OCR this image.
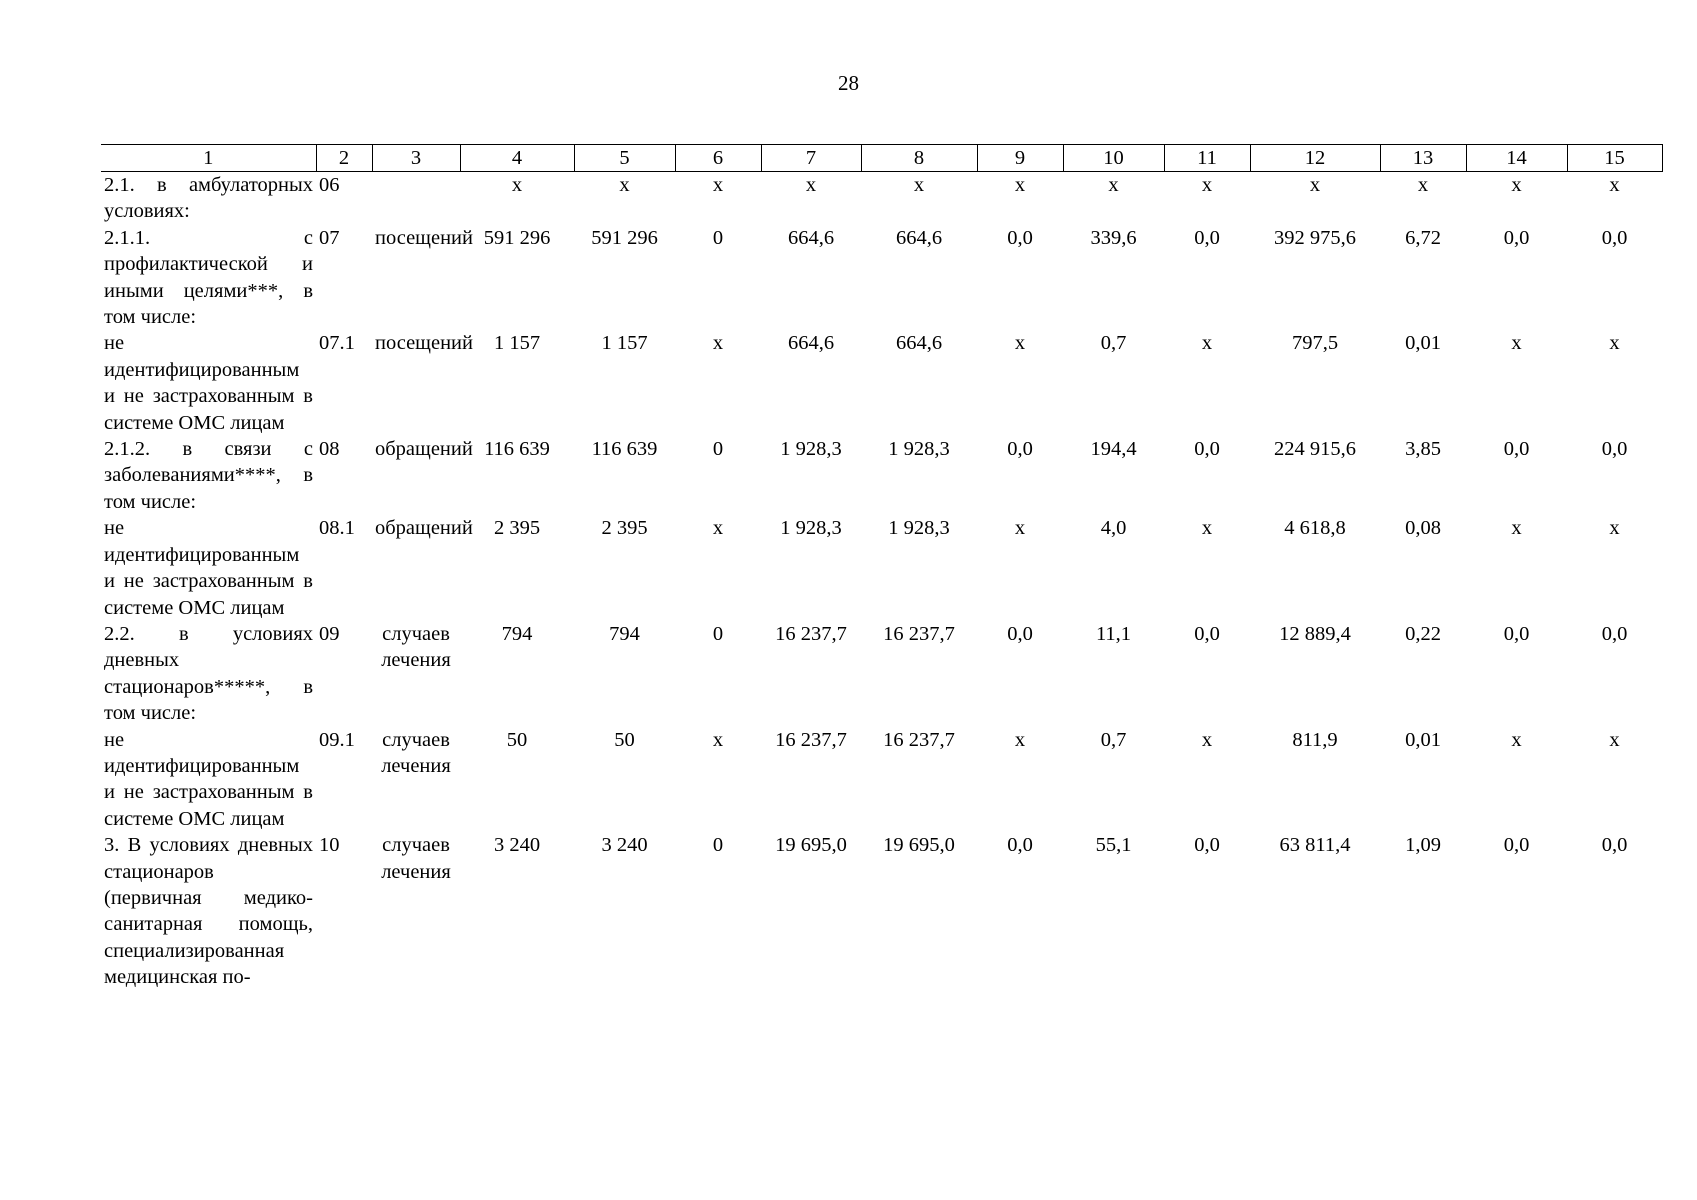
28
1	2	3	4	5	6	7	8	9	10	11	12	13	14	15
2.1. в амбулаторных условиях:	06		х	х	х	х	х	х	х	х	х	х	х	х
2.1.1. с профилактической и иными целями***, в том числе:	07	посещений	591 296	591 296	0	664,6	664,6	0,0	339,6	0,0	392 975,6	6,72	0,0	0,0
не идентифицированным и не застрахованным в системе ОМС лицам	07.1	посещений	1 157	1 157	х	664,6	664,6	х	0,7	х	797,5	0,01	х	х
2.1.2. в связи с заболеваниями****, в том числе:	08	обращений	116 639	116 639	0	1 928,3	1 928,3	0,0	194,4	0,0	224 915,6	3,85	0,0	0,0
не идентифицированным и не застрахованным в системе ОМС лицам	08.1	обращений	2 395	2 395	х	1 928,3	1 928,3	х	4,0	х	4 618,8	0,08	х	х
2.2. в условиях дневных стационаров*****, в том числе:	09	случаев лечения	794	794	0	16 237,7	16 237,7	0,0	11,1	0,0	12 889,4	0,22	0,0	0,0
не идентифицированным и не застрахованным в системе ОМС лицам	09.1	случаев лечения	50	50	х	16 237,7	16 237,7	х	0,7	х	811,9	0,01	х	х
3. В условиях дневных стационаров (первичная медико-санитарная помощь, специализированная медицинская по-	10	случаев лечения	3 240	3 240	0	19 695,0	19 695,0	0,0	55,1	0,0	63 811,4	1,09	0,0	0,0
